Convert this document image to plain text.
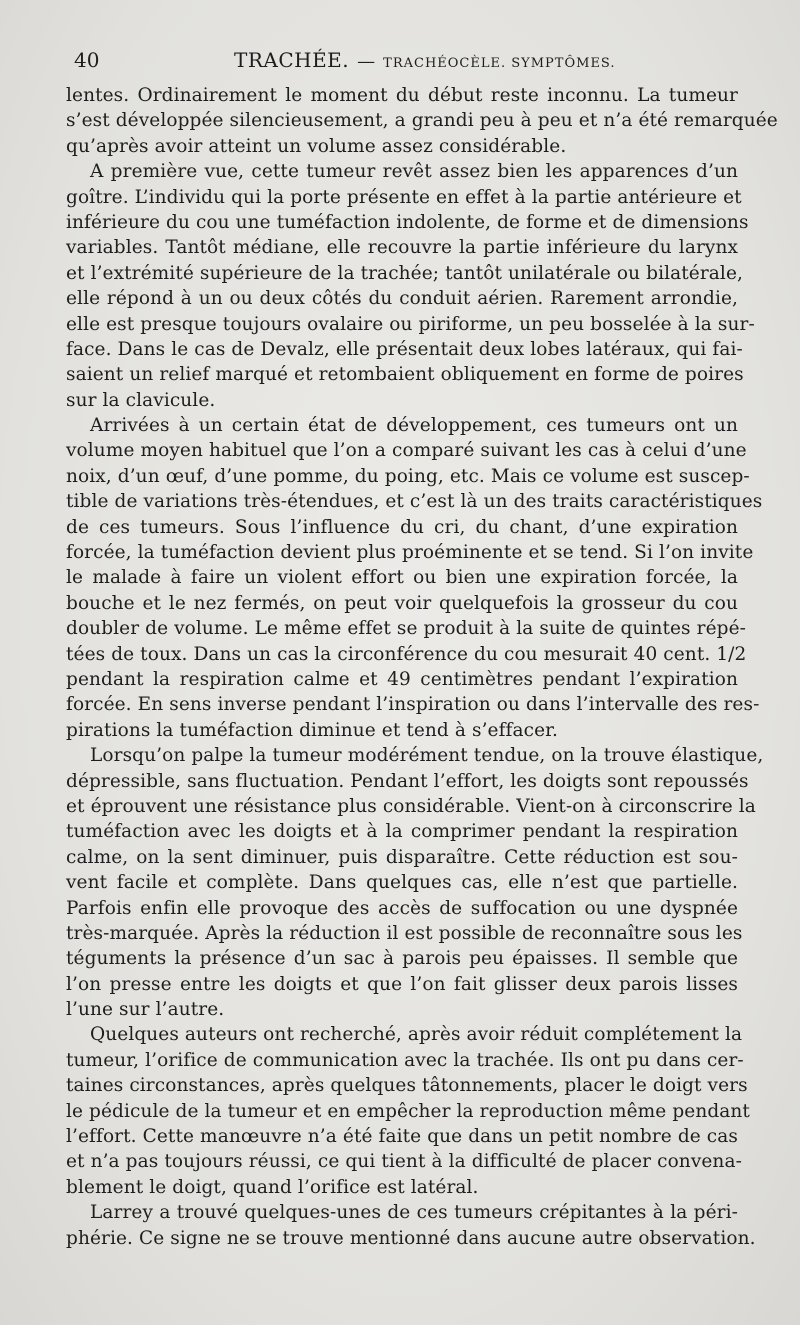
40	TRACHÉE. — TRACHÉOCÈLE. SYMPTÔMES.

lentes. Ordinairement le moment du début reste inconnu. La tumeur
s’est développée silencieusement, a grandi peu à peu et n’a été remarquée
qu’après avoir atteint un volume assez considérable.

A première vue, cette tumeur revêt assez bien les apparences d’un
goître. L’individu qui la porte présente en effet à la partie antérieure et
inférieure du cou une tuméfaction indolente, de forme et de dimensions
variables. Tantôt médiane, elle recouvre la partie inférieure du larynx
et l’extrémité supérieure de la trachée; tantôt unilatérale ou bilatérale,
elle répond à un ou deux côtés du conduit aérien. Rarement arrondie,
elle est presque toujours ovalaire ou piriforme, un peu bosselée à la sur-
face. Dans le cas de Devalz, elle présentait deux lobes latéraux, qui fai-
saient un relief marqué et retombaient obliquement en forme de poires
sur la clavicule.

Arrivées à un certain état de développement, ces tumeurs ont un
volume moyen habituel que l’on a comparé suivant les cas à celui d’une
noix, d’un œuf, d’une pomme, du poing, etc. Mais ce volume est suscep-
tible de variations très-étendues, et c’est là un des traits caractéristiques
de ces tumeurs. Sous l’influence du cri, du chant, d’une expiration
forcée, la tuméfaction devient plus proéminente et se tend. Si l’on invite
le malade à faire un violent effort ou bien une expiration forcée, la
bouche et le nez fermés, on peut voir quelquefois la grosseur du cou
doubler de volume. Le même effet se produit à la suite de quintes répé-
tées de toux. Dans un cas la circonférence du cou mesurait 40 cent. 1/2
pendant la respiration calme et 49 centimètres pendant l’expiration
forcée. En sens inverse pendant l’inspiration ou dans l’intervalle des res-
pirations la tuméfaction diminue et tend à s’effacer.

Lorsqu’on palpe la tumeur modérément tendue, on la trouve élastique,
dépressible, sans fluctuation. Pendant l’effort, les doigts sont repoussés
et éprouvent une résistance plus considérable. Vient-on à circonscrire la
tuméfaction avec les doigts et à la comprimer pendant la respiration
calme, on la sent diminuer, puis disparaître. Cette réduction est sou-
vent facile et complète. Dans quelques cas, elle n’est que partielle.
Parfois enfin elle provoque des accès de suffocation ou une dyspnée
très-marquée. Après la réduction il est possible de reconnaître sous les
téguments la présence d’un sac à parois peu épaisses. Il semble que
l’on presse entre les doigts et que l’on fait glisser deux parois lisses
l’une sur l’autre.

Quelques auteurs ont recherché, après avoir réduit complétement la
tumeur, l’orifice de communication avec la trachée. Ils ont pu dans cer-
taines circonstances, après quelques tâtonnements, placer le doigt vers
le pédicule de la tumeur et en empêcher la reproduction même pendant
l’effort. Cette manœuvre n’a été faite que dans un petit nombre de cas
et n’a pas toujours réussi, ce qui tient à la difficulté de placer convena-
blement le doigt, quand l’orifice est latéral.

Larrey a trouvé quelques-unes de ces tumeurs crépitantes à la péri-
phérie. Ce signe ne se trouve mentionné dans aucune autre observation.
